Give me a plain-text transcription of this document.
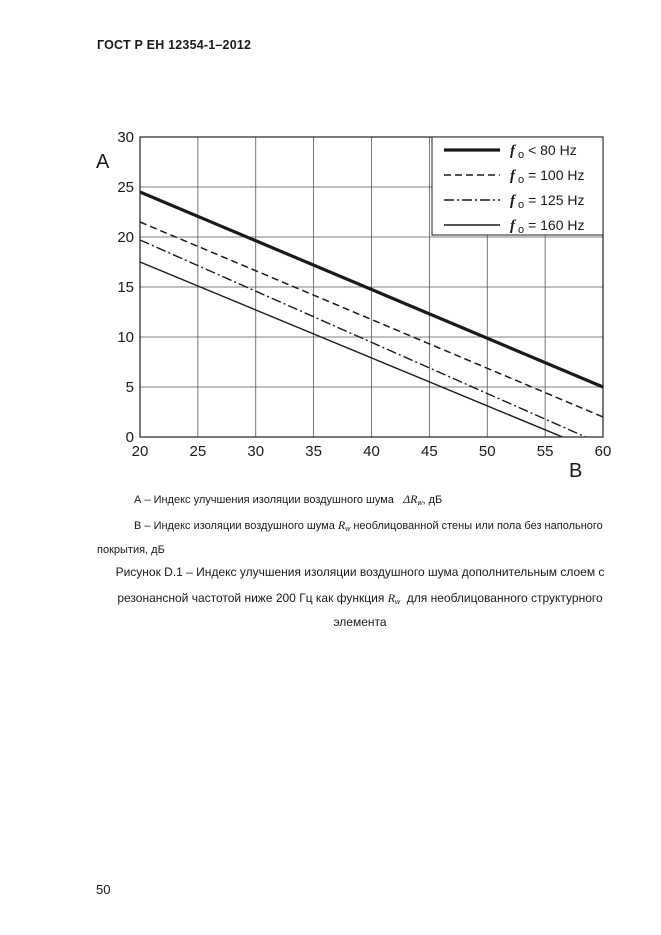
ГОСТ Р ЕН 12354-1–2012
20	25	30	35	40	45	50	55	60
0
5
10
15
20
25
30
f $_o$ < 80 Hz
f $_o$ = 100 Hz
f $_o$ = 125 Hz
f $_o$ = 160 Hz
A
B
А – Индекс улучшения изоляции воздушного шума $\Delta R_w$, дБ
В – Индекс изоляции воздушного шума $R_w$ необлицованной стены или пола без напольного
покрытия, дБ
Рисунок D.1 – Индекс улучшения изоляции воздушного шума дополнительным слоем с
резонансной частотой ниже 200 Гц как функция $R_w$ для необлицованного структурного
элемента
50
